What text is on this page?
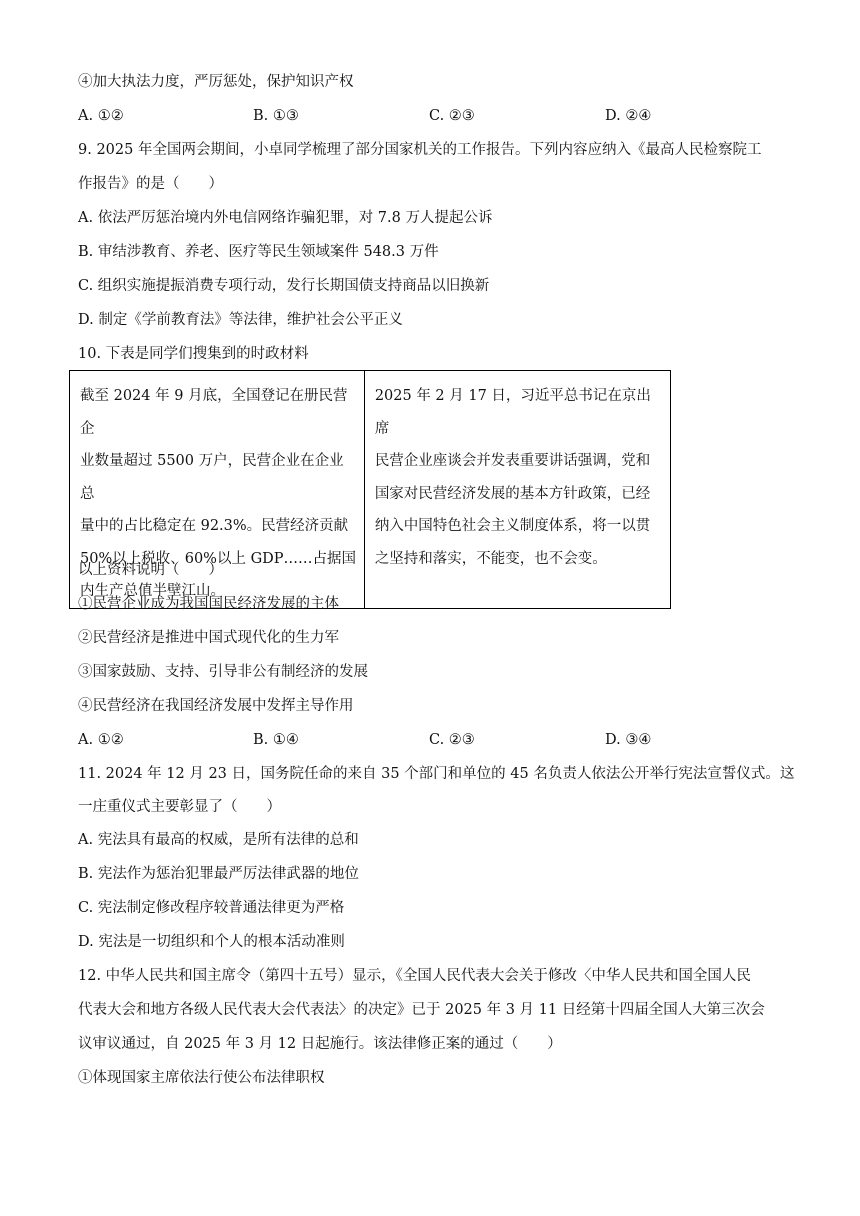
④加大执法力度，严厉惩处，保护知识产权
A. ①②	B. ①③	C. ②③	D. ②④
9. 2025 年全国两会期间，小卓同学梳理了部分国家机关的工作报告。下列内容应纳入《最高人民检察院工
作报告》的是（　　）
A. 依法严厉惩治境内外电信网络诈骗犯罪，对 7.8 万人提起公诉
B. 审结涉教育、养老、医疗等民生领域案件 548.3 万件
C. 组织实施提振消费专项行动，发行长期国债支持商品以旧换新
D. 制定《学前教育法》等法律，维护社会公平正义
10. 下表是同学们搜集到的时政材料
截至 2024 年 9 月底，全国登记在册民营企
业数量超过 5500 万户，民营企业在企业总
量中的占比稳定在 92.3%。民营经济贡献
50%以上税收、60%以上 GDP……占据国
内生产总值半壁江山。

2025 年 2 月 17 日，习近平总书记在京出席
民营企业座谈会并发表重要讲话强调，党和
国家对民营经济发展的基本方针政策，已经
纳入中国特色社会主义制度体系，将一以贯
之坚持和落实，不能变，也不会变。
以上资料说明（　　）
①民营企业成为我国国民经济发展的主体
②民营经济是推进中国式现代化的生力军
③国家鼓励、支持、引导非公有制经济的发展
④民营经济在我国经济发展中发挥主导作用
A. ①②	B. ①④	C. ②③	D. ③④
11. 2024 年 12 月 23 日，国务院任命的来自 35 个部门和单位的 45 名负责人依法公开举行宪法宣誓仪式。这
一庄重仪式主要彰显了（　　）
A. 宪法具有最高的权威，是所有法律的总和
B. 宪法作为惩治犯罪最严厉法律武器的地位
C. 宪法制定修改程序较普通法律更为严格
D. 宪法是一切组织和个人的根本活动准则
12. 中华人民共和国主席令（第四十五号）显示，《全国人民代表大会关于修改〈中华人民共和国全国人民
代表大会和地方各级人民代表大会代表法〉的决定》已于 2025 年 3 月 11 日经第十四届全国人大第三次会
议审议通过，自 2025 年 3 月 12 日起施行。该法律修正案的通过（　　）
①体现国家主席依法行使公布法律职权
